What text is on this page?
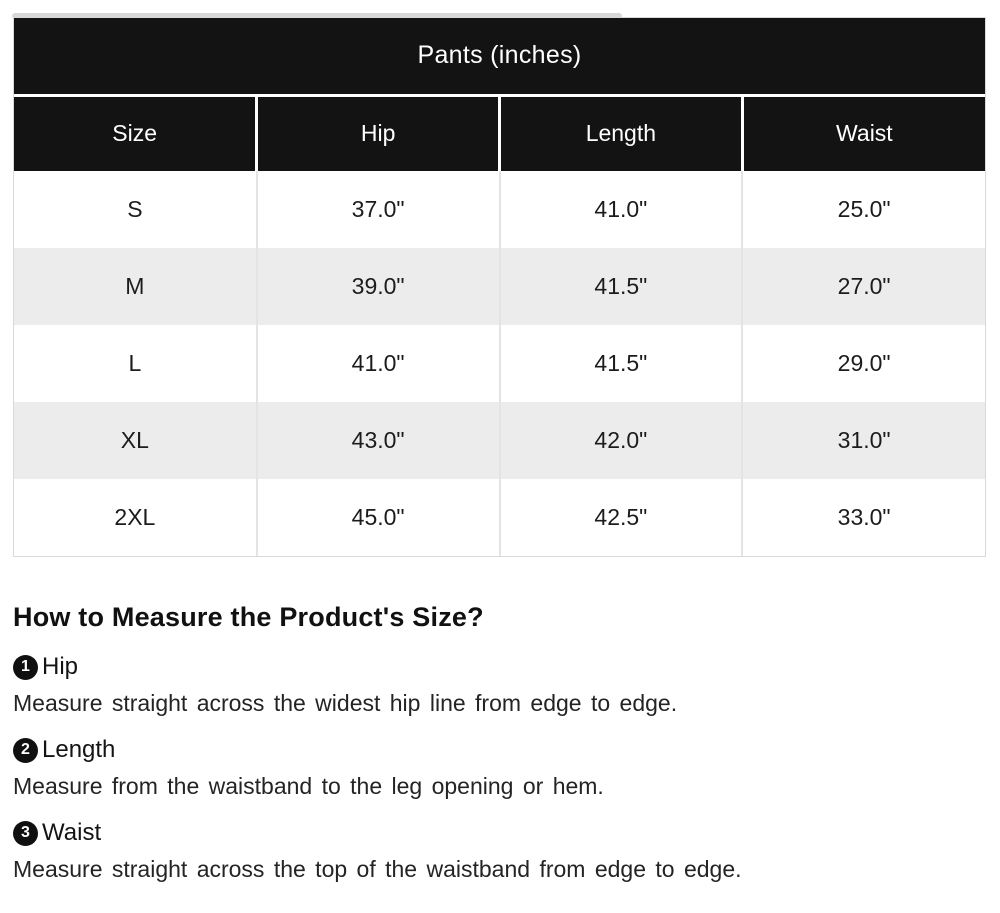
Pants (inches)			
Size	Hip	Length	Waist
S	37.0"	41.0"	25.0"
M	39.0"	41.5"	27.0"
L	41.0"	41.5"	29.0"
XL	43.0"	42.0"	31.0"
2XL	45.0"	42.5"	33.0"
How to Measure the Product's Size?
1 Hip

Measure straight across the widest hip line from edge to edge.

2 Length

Measure from the waistband to the leg opening or hem.

3 Waist

Measure straight across the top of the waistband from edge to edge.
